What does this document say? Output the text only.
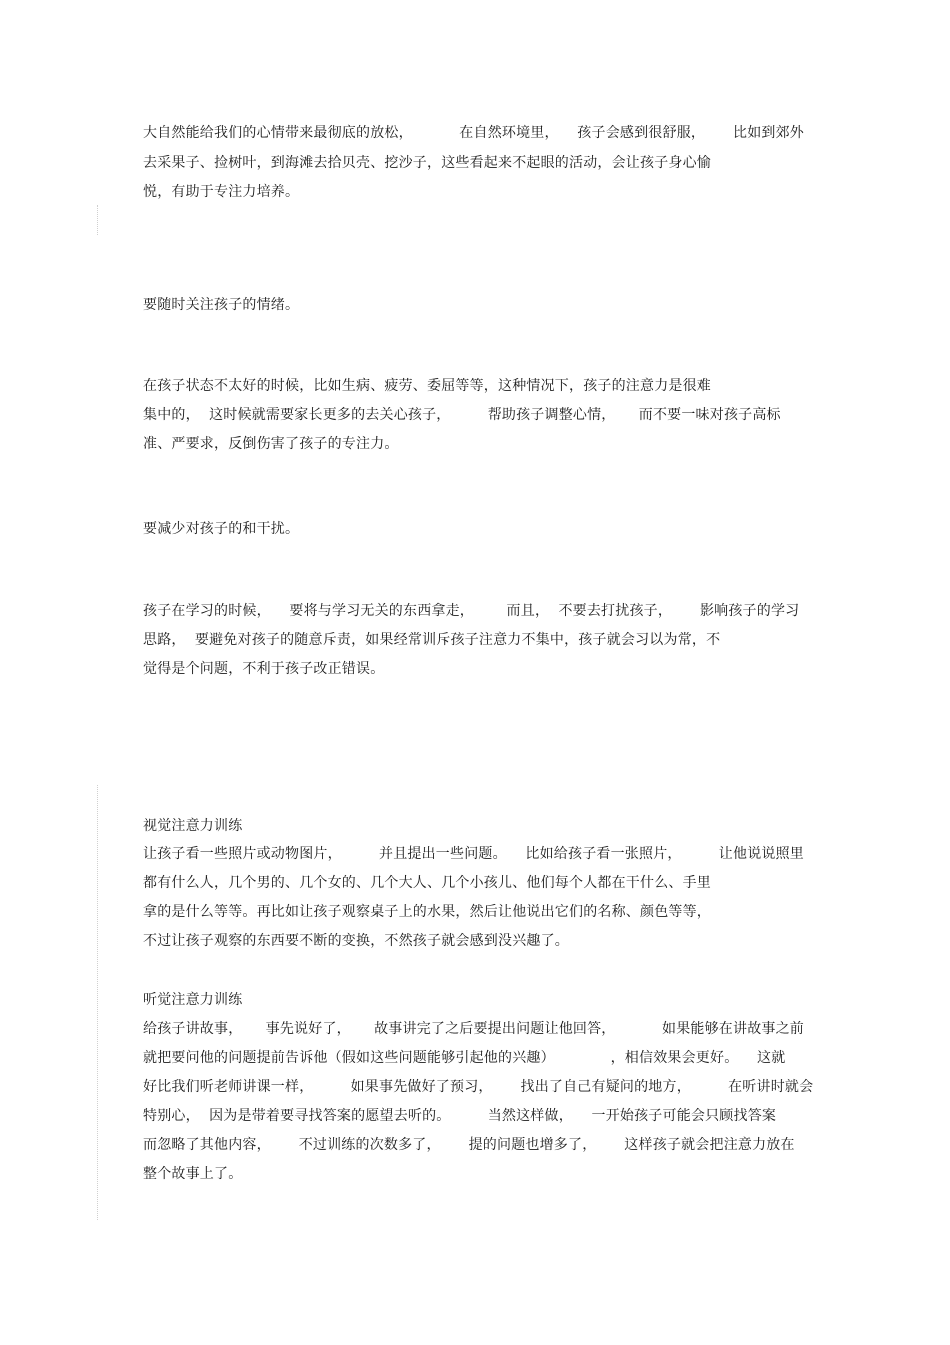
大自然能给我们的心情带来最彻底的放松，          在自然环境里，    孩子会感到很舒服，      比如到郊外
去采果子、捡树叶，到海滩去拾贝壳、挖沙子，这些看起来不起眼的活动，会让孩子身心愉
悦，有助于专注力培养。
要随时关注孩子的情绪。
在孩子状态不太好的时候，比如生病、疲劳、委屈等等，这种情况下，孩子的注意力是很难
集中的，  这时候就需要家长更多的去关心孩子，        帮助孩子调整心情，     而不要一味对孩子高标
准、严要求，反倒伤害了孩子的专注力。
要减少对孩子的和干扰。
孩子在学习的时候，    要将与学习无关的东西拿走，       而且，  不要去打扰孩子，      影响孩子的学习
思路，  要避免对孩子的随意斥责，如果经常训斥孩子注意力不集中，孩子就会习以为常，不
觉得是个问题，不利于孩子改正错误。
视觉注意力训练
让孩子看一些照片或动物图片，        并且提出一些问题。    比如给孩子看一张照片，        让他说说照里
都有什么人，几个男的、几个女的、几个大人、几个小孩儿、他们每个人都在干什么、手里
拿的是什么等等。再比如让孩子观察桌子上的水果，然后让他说出它们的名称、颜色等等，
不过让孩子观察的东西要不断的变换，不然孩子就会感到没兴趣了。
听觉注意力训练
给孩子讲故事，     事先说好了，     故事讲完了之后要提出问题让他回答，          如果能够在讲故事之前
就把要问他的问题提前告诉他（假如这些问题能够引起他的兴趣）            ，相信效果会更好。    这就
好比我们听老师讲课一样，        如果事先做好了预习，      找出了自己有疑问的地方，        在听讲时就会
特别心，  因为是带着要寻找答案的愿望去听的。        当然这样做，    一开始孩子可能会只顾找答案
而忽略了其他内容，      不过训练的次数多了，      提的问题也增多了，      这样孩子就会把注意力放在
整个故事上了。
